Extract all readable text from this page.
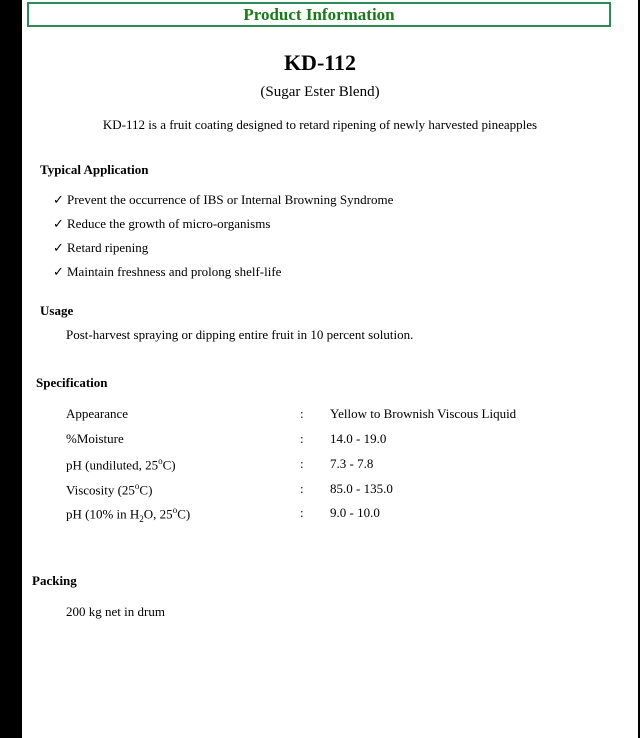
Product Information
KD-112
(Sugar Ester Blend)
KD-112 is a fruit coating designed to retard ripening of newly harvested pineapples
Typical Application
✓ Prevent the occurrence of IBS or Internal Browning Syndrome
✓ Reduce the growth of micro-organisms
✓ Retard ripening
✓ Maintain freshness and prolong shelf-life
Usage
Post-harvest spraying or dipping entire fruit in 10 percent solution.
Specification
Appearance	: Yellow to Brownish Viscous Liquid
%Moisture	: 14.0 - 19.0
pH (undiluted, 25$^o$C)	: 7.3 - 7.8
Viscosity (25$^o$C)	: 85.0 - 135.0
pH (10% in $H_2O$, 25$^o$C)	: 9.0 - 10.0
Packing
200 kg net in drum
